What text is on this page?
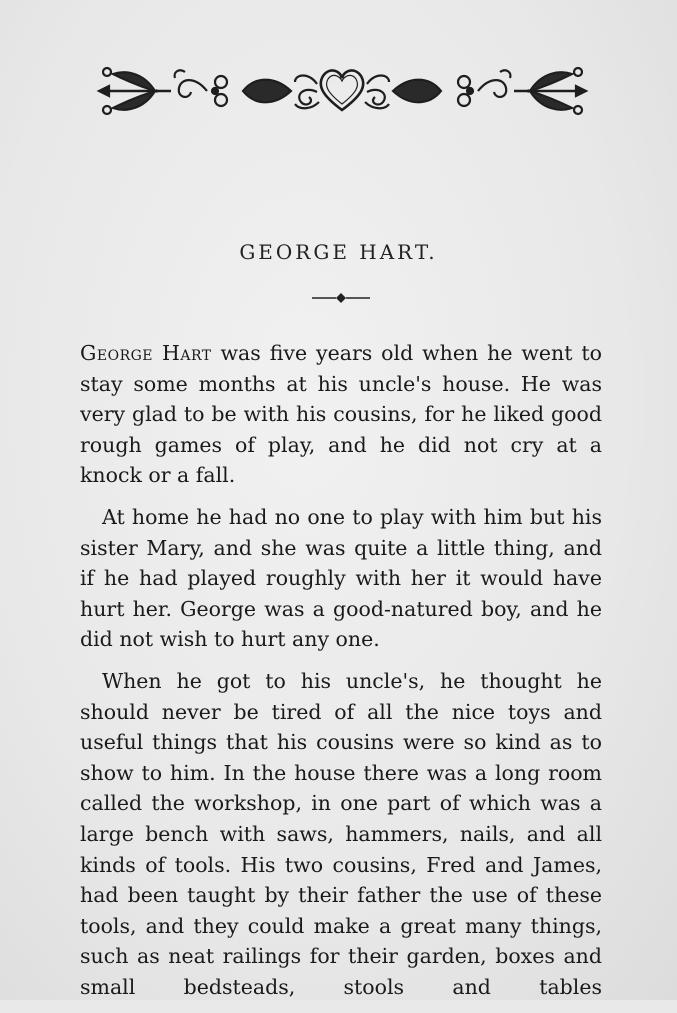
GEORGE HART.

George Hart was five years old when he went to stay some months at his uncle's house. He was very glad to be with his cousins, for he liked good rough games of play, and he did not cry at a knock or a fall.

At home he had no one to play with him but his sister Mary, and she was quite a little thing, and if he had played roughly with her it would have hurt her. George was a good-natured boy, and he did not wish to hurt any one.

When he got to his uncle's, he thought he should never be tired of all the nice toys and useful things that his cousins were so kind as to show to him. In the house there was a long room called the workshop, in one part of which was a large bench with saws, hammers, nails, and all kinds of tools. His two cousins, Fred and James, had been taught by their father the use of these tools, and they could make a great many things, such as neat railings for their garden, boxes and small bedsteads, stools and tables
